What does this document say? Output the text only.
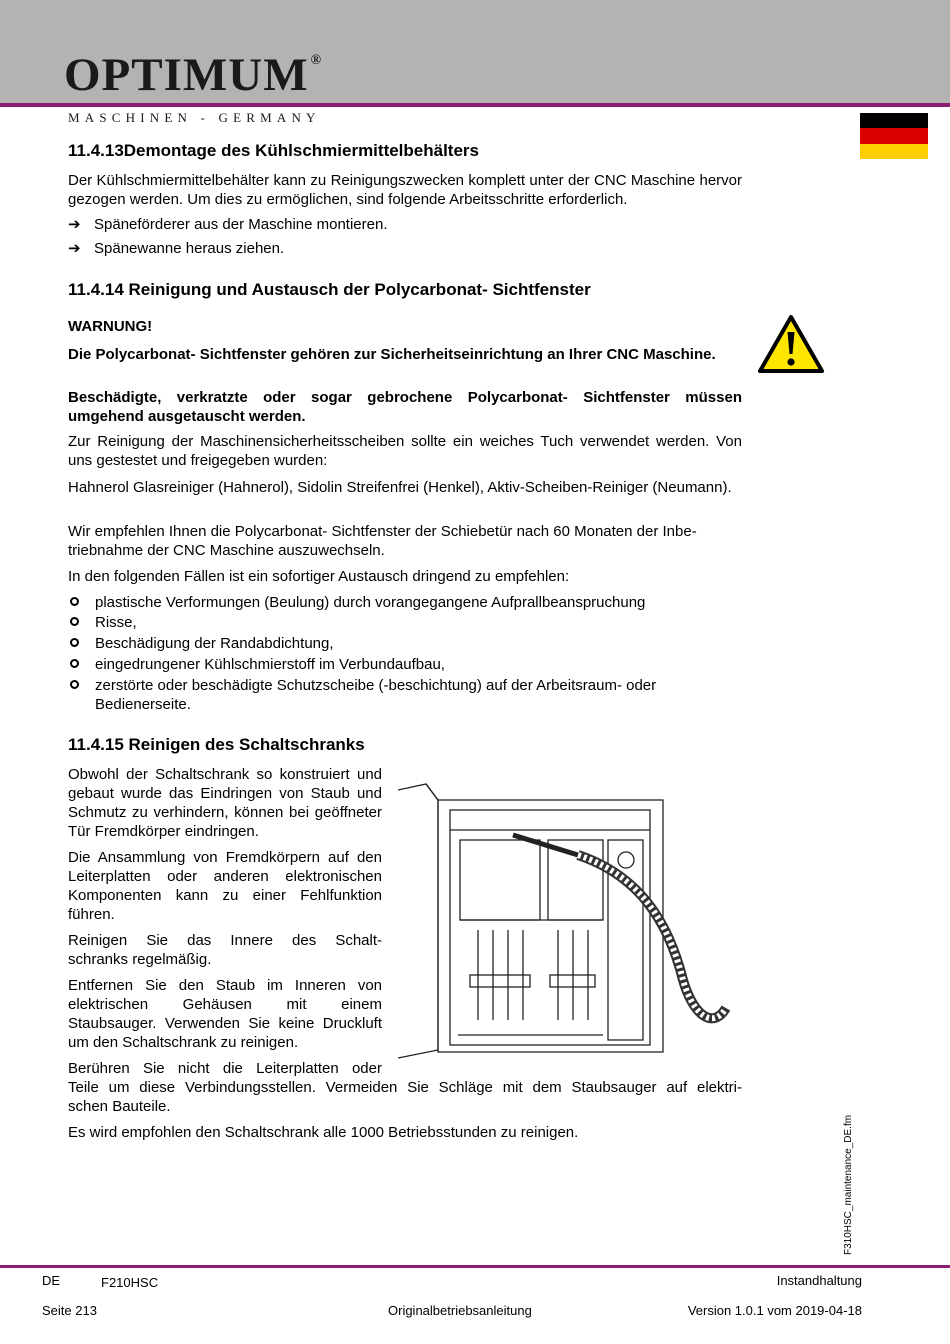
OPTIMUM ®
MASCHINEN - GERMANY
11.4.13Demontage des Kühlschmiermittelbehälters
Der Kühlschmiermittelbehälter kann zu Reinigungszwecken komplett unter der CNC Maschine hervor gezogen werden. Um dies zu ermöglichen, sind folgende Arbeitsschritte erforderlich.
➔ Späneförderer aus der Maschine montieren.
➔ Spänewanne heraus ziehen.
11.4.14 Reinigung und Austausch der Polycarbonat- Sichtfenster
WARNUNG!
Die Polycarbonat- Sichtfenster gehören zur Sicherheitseinrichtung an Ihrer CNC Maschine.
Beschädigte, verkratzte oder sogar gebrochene Polycarbonat- Sichtfenster müssen umgehend ausgetauscht werden.
Zur Reinigung der Maschinensicherheitsscheiben sollte ein weiches Tuch verwendet werden. Von uns gestestet und freigegeben wurden:
Hahnerol Glasreiniger (Hahnerol), Sidolin Streifenfrei (Henkel), Aktiv-Scheiben-Reiniger (Neumann).

Wir empfehlen Ihnen die Polycarbonat- Sichtfenster der Schiebetür nach 60 Monaten der Inbe-

triebnahme der CNC Maschine auszuwechseln.

In den folgenden Fällen ist ein sofortiger Austausch dringend zu empfehlen:
plastische Verformungen (Beulung) durch vorangegangene Aufprallbeanspruchung
Risse,
Beschädigung der Randabdichtung,
eingedrungener Kühlschmierstoff im Verbundaufbau,
zerstörte oder beschädigte Schutzscheibe (-beschichtung) auf der Arbeitsraum- oder Bedienerseite.
11.4.15 Reinigen des Schaltschranks
Obwohl der Schaltschrank so konstruiert und gebaut wurde das Eindringen von Staub und Schmutz zu verhindern, können bei geöffneter Tür Fremdkörper eindringen.
Die Ansammlung von Fremdkörpern auf den Leiterplatten oder anderen elektronischen Komponenten kann zu einer Fehlfunktion führen.

Reinigen Sie das Innere des Schalt-

schranks regelmäßig.

Entfernen Sie den Staub im Inneren von elektrischen Gehäusen mit einem Staubsauger. Verwenden Sie keine Druckluft um den Schaltschrank zu reinigen.

Berühren Sie nicht die Leiterplatten oder

Teile um diese Verbindungsstellen. Vermeiden Sie Schläge mit dem Staubsauger auf elektri-

schen Bauteile.

Es wird empfohlen den Schaltschrank alle 1000 Betriebsstunden zu reinigen.	F310HSC_maintenance_DE.fm
DE	F210HSC	Instandhaltung
Seite 213	Originalbetriebsanleitung	Version 1.0.1 vom 2019-04-18
